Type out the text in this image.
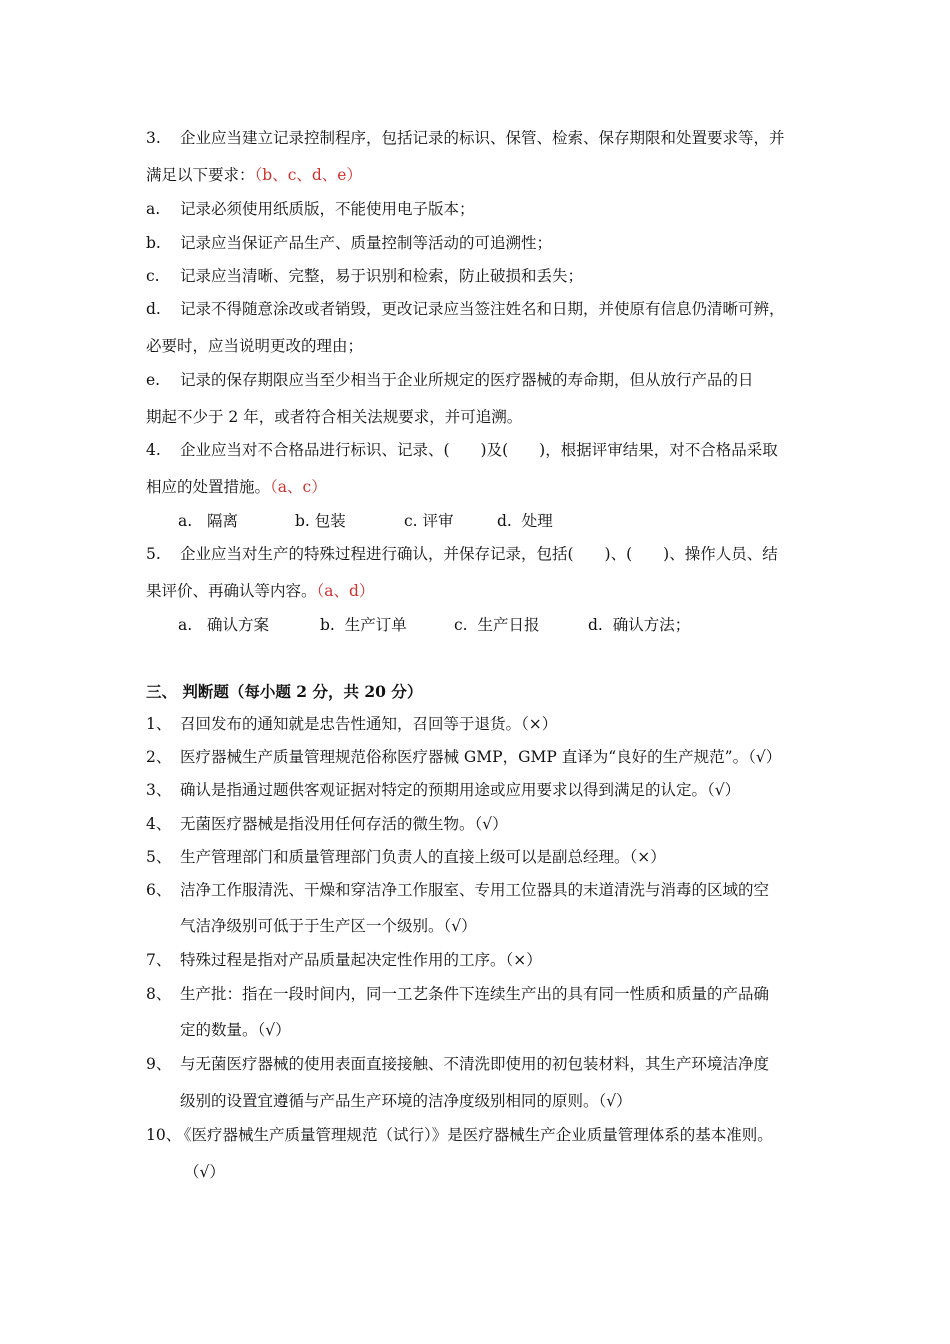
3. 企业应当建立记录控制程序，包括记录的标识、保管、检索、保存期限和处置要求等，并
满足以下要求：（b、c、d、e）
a. 记录必须使用纸质版，不能使用电子版本；
b. 记录应当保证产品生产、质量控制等活动的可追溯性；
c. 记录应当清晰、完整，易于识别和检索，防止破损和丢失；
d. 记录不得随意涂改或者销毁，更改记录应当签注姓名和日期，并使原有信息仍清晰可辨，
必要时，应当说明更改的理由；
e. 记录的保存期限应当至少相当于企业所规定的医疗器械的寿命期，但从放行产品的日
期起不少于 2 年，或者符合相关法规要求，并可追溯。
4. 企业应当对不合格品进行标识、记录、(　　)及(　　)，根据评审结果，对不合格品采取
相应的处置措施。（a、c）
a. 隔离	b. 包装	c. 评审	d. 处理
5. 企业应当对生产的特殊过程进行确认，并保存记录，包括(　　)、(　　)、操作人员、结
果评价、再确认等内容。（a、d）
a. 确认方案	b. 生产订单	c. 生产日报	d. 确认方法；
三、 判断题（每小题 2 分，共 20 分）
1、 召回发布的通知就是忠告性通知，召回等于退货。（×）
2、 医疗器械生产质量管理规范俗称医疗器械 GMP，GMP 直译为“良好的生产规范”。（√）
3、 确认是指通过题供客观证据对特定的预期用途或应用要求以得到满足的认定。（√）
4、 无菌医疗器械是指没用任何存活的微生物。（√）
5、 生产管理部门和质量管理部门负责人的直接上级可以是副总经理。（×）
6、 洁净工作服清洗、干燥和穿洁净工作服室、专用工位器具的末道清洗与消毒的区域的空
气洁净级别可低于于生产区一个级别。（√）
7、 特殊过程是指对产品质量起决定性作用的工序。（×）
8、 生产批：指在一段时间内，同一工艺条件下连续生产出的具有同一性质和质量的产品确
定的数量。（√）
9、 与无菌医疗器械的使用表面直接接触、不清洗即使用的初包装材料，其生产环境洁净度
级别的设置宜遵循与产品生产环境的洁净度级别相同的原则。（√）
10、
《医疗器械生产质量管理规范（试行）》是医疗器械生产企业质量管理体系的基本准则。
（√）
